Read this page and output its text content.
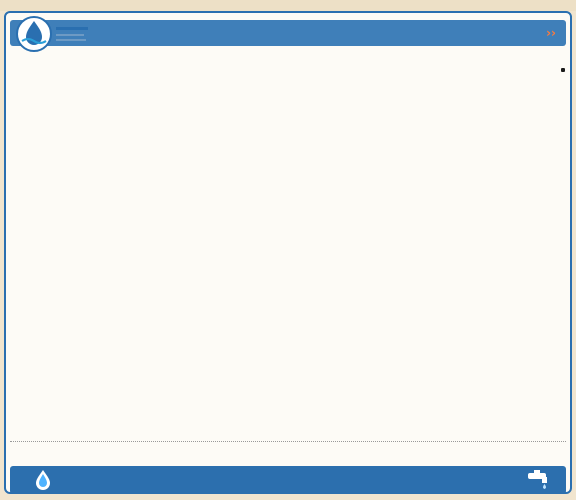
‹‹
